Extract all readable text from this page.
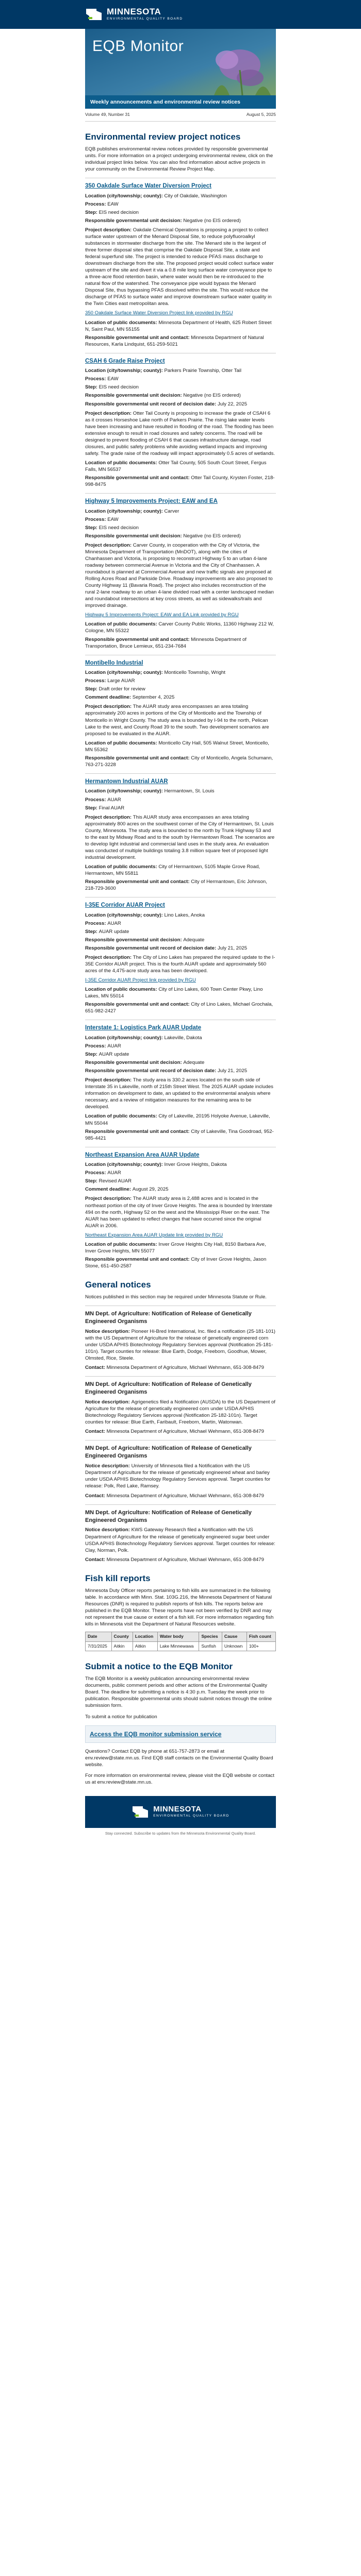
MINNESOTA
ENVIRONMENTAL QUALITY BOARD
EQB Monitor
Weekly announcements and environmental review notices
Volume 49, Number 31	August 5, 2025
Environmental review project notices

EQB publishes environmental review notices provided by responsible governmental units. For more information on a project undergoing environmental review, click on the individual project links below. You can also find information about active projects in your community on the Environmental Review Project Map.

350 Oakdale Surface Water Diversion Project
Location (city/township; county): City of Oakdale, Washington
Process: EAW
Step: EIS need decision
Responsible governmental unit decision: Negative (no EIS ordered)
Project description: Oakdale Chemical Operations is proposing a project to collect surface water upstream of the Menard Disposal Site, to reduce polyfluoroalkyl substances in stormwater discharge from the site. The Menard site is the largest of three former disposal sites that comprise the Oakdale Disposal Site, a state and federal superfund site. The project is intended to reduce PFAS mass discharge to downstream discharge from the site. The proposed project would collect surface water upstream of the site and divert it via a 0.8 mile long surface water conveyance pipe to a three-acre flood retention basin, where water would then be re-introduced to the natural flow of the watershed. The conveyance pipe would bypass the Menard Disposal Site, thus bypassing PFAS dissolved within the site. This would reduce the discharge of PFAS to surface water and improve downstream surface water quality in the Twin Cities east metropolitan area.
350 Oakdale Surface Water Diversion Project link provided by RGU
Location of public documents: Minnesota Department of Health, 625 Robert Street N, Saint Paul, MN 55155
Responsible governmental unit and contact: Minnesota Department of Natural Resources, Karla Lindquist, 651-259-5021
CSAH 6 Grade Raise Project
Location (city/township; county): Parkers Prairie Township, Otter Tail
Process: EAW
Step: EIS need decision
Responsible governmental unit decision: Negative (no EIS ordered)
Responsible governmental unit record of decision date: July 22, 2025
Project description: Otter Tail County is proposing to increase the grade of CSAH 6 as it crosses Horseshoe Lake north of Parkers Prairie. The rising lake water levels have been increasing and have resulted in flooding of the road. The flooding has been extensive enough to result in road closures and safety concerns. The road will be designed to prevent flooding of CSAH 6 that causes infrastructure damage, road closures, and public safety problems while avoiding wetland impacts and improving safety. The grade raise of the roadway will impact approximately 0.5 acres of wetlands.
Location of public documents: Otter Tail County, 505 South Court Street, Fergus Falls, MN 56537
Responsible governmental unit and contact: Otter Tail County, Krysten Foster, 218-998-8475
Highway 5 Improvements Project: EAW and EA
Location (city/township; county): Carver
Process: EAW
Step: EIS need decision
Responsible governmental unit decision: Negative (no EIS ordered)
Project description: Carver County, in cooperation with the City of Victoria, the Minnesota Department of Transportation (MnDOT), along with the cities of Chanhassen and Victoria, is proposing to reconstruct Highway 5 to an urban 4-lane roadway between commercial Avenue in Victoria and the City of Chanhassen. A roundabout is planned at Commercial Avenue and new traffic signals are proposed at Rolling Acres Road and Parkside Drive. Roadway improvements are also proposed to County Highway 11 (Bavaria Road). The project also includes reconstruction of the rural 2-lane roadway to an urban 4-lane divided road with a center landscaped median and roundabout intersections at key cross streets, as well as sidewalks/trails and improved drainage.
Highway 5 Improvements Project: EAW and EA Link provided by RGU
Location of public documents: Carver County Public Works, 11360 Highway 212 W, Cologne, MN 55322
Responsible governmental unit and contact: Minnesota Department of Transportation, Bruce Lemieux, 651-234-7684
Montibello Industrial
Location (city/township; county): Monticello Township, Wright
Process: Large AUAR
Step: Draft order for review
Comment deadline: September 4, 2025
Project description: The AUAR study area encompasses an area totaling approximately 200 acres in portions of the City of Monticello and the Township of Monticello in Wright County. The study area is bounded by I-94 to the north, Pelican Lake to the west, and County Road 39 to the south. Two development scenarios are proposed to be evaluated in the AUAR.
Location of public documents: Monticello City Hall, 505 Walnut Street, Monticello, MN 55362
Responsible governmental unit and contact: City of Monticello, Angela Schumann, 763-271-3228
Hermantown Industrial AUAR
Location (city/township; county): Hermantown, St. Louis
Process: AUAR
Step: Final AUAR
Project description: This AUAR study area encompasses an area totaling approximately 800 acres on the southwest corner of the City of Hermantown, St. Louis County, Minnesota. The study area is bounded to the north by Trunk Highway 53 and to the east by Midway Road and to the south by Hermantown Road. The scenarios are to develop light industrial and commercial land uses in the study area. An evaluation was conducted of multiple buildings totaling 3.8 million square feet of proposed light industrial development.
Location of public documents: City of Hermantown, 5105 Maple Grove Road, Hermantown, MN 55811
Responsible governmental unit and contact: City of Hermantown, Eric Johnson, 218-729-3600
I-35E Corridor AUAR Project
Location (city/township; county): Lino Lakes, Anoka
Process: AUAR
Step: AUAR update
Responsible governmental unit decision: Adequate
Responsible governmental unit record of decision date: July 21, 2025
Project description: The City of Lino Lakes has prepared the required update to the I-35E Corridor AUAR project. This is the fourth AUAR update and approximately 560 acres of the 4,475-acre study area has been developed.
I-35E Corridor AUAR Project link provided by RGU
Location of public documents: City of Lino Lakes, 600 Town Center Pkwy, Lino Lakes, MN 55014
Responsible governmental unit and contact: City of Lino Lakes, Michael Grochala, 651-982-2427
Interstate 1: Logistics Park AUAR Update
Location (city/township; county): Lakeville, Dakota
Process: AUAR
Step: AUAR update
Responsible governmental unit decision: Adequate
Responsible governmental unit record of decision date: July 21, 2025
Project description: The study area is 330.2 acres located on the south side of Interstate 35 in Lakeville, north of 215th Street West. The 2025 AUAR update includes information on development to date, an updated to the environmental analysis where necessary, and a review of mitigation measures for the remaining area to be developed.
Location of public documents: City of Lakeville, 20195 Holyoke Avenue, Lakeville, MN 55044
Responsible governmental unit and contact: City of Lakeville, Tina Goodroad, 952-985-4421
Northeast Expansion Area AUAR Update
Location (city/township; county): Inver Grove Heights, Dakota
Process: AUAR
Step: Revised AUAR
Comment deadline: August 29, 2025
Project description: The AUAR study area is 2,488 acres and is located in the northeast portion of the city of Inver Grove Heights. The area is bounded by Interstate 494 on the north, Highway 52 on the west and the Mississippi River on the east. The AUAR has been updated to reflect changes that have occurred since the original AUAR in 2006.
Northeast Expansion Area AUAR Update link provided by RGU
Location of public documents: Inver Grove Heights City Hall, 8150 Barbara Ave, Inver Grove Heights, MN 55077
Responsible governmental unit and contact: City of Inver Grove Heights, Jason Stone, 651-450-2587
General notices

Notices published in this section may be required under Minnesota Statute or Rule.

MN Dept. of Agriculture: Notification of Release of Genetically Engineered Organisms
Notice description: Pioneer Hi-Bred International, Inc. filed a notification (25-181-101) with the US Department of Agriculture for the release of genetically engineered corn under USDA APHIS Biotechnology Regulatory Services approval (Notification 25-181-101n). Target counties for release: Blue Earth, Dodge, Freeborn, Goodhue, Mower, Olmsted, Rice, Steele.
Contact: Minnesota Department of Agriculture, Michael Wehmann, 651-308-8479
MN Dept. of Agriculture: Notification of Release of Genetically Engineered Organisms
Notice description: Agrigenetics filed a Notification (AUSDA) to the US Department of Agriculture for the release of genetically engineered corn under USDA APHIS Biotechnology Regulatory Services approval (Notification 25-182-101n). Target counties for release: Blue Earth, Faribault, Freeborn, Martin, Watonwan.
Contact: Minnesota Department of Agriculture, Michael Wehmann, 651-308-8479
MN Dept. of Agriculture: Notification of Release of Genetically Engineered Organisms
Notice description: University of Minnesota filed a Notification with the US Department of Agriculture for the release of genetically engineered wheat and barley under USDA APHIS Biotechnology Regulatory Services approval. Target counties for release: Polk, Red Lake, Ramsey.
Contact: Minnesota Department of Agriculture, Michael Wehmann, 651-308-8479
MN Dept. of Agriculture: Notification of Release of Genetically Engineered Organisms
Notice description: KWS Gateway Research filed a Notification with the US Department of Agriculture for the release of genetically engineered sugar beet under USDA APHIS Biotechnology Regulatory Services approval. Target counties for release: Clay, Norman, Polk.
Contact: Minnesota Department of Agriculture, Michael Wehmann, 651-308-8479
Fish kill reports

Minnesota Duty Officer reports pertaining to fish kills are summarized in the following table. In accordance with Minn. Stat. 103G.216, the Minnesota Department of Natural Resources (DNR) is required to publish reports of fish kills. The reports below are published in the EQB Monitor. These reports have not been verified by DNR and may not represent the true cause or extent of a fish kill. For more information regarding fish kills in Minnesota visit the Department of Natural Resources website.

Date	County	Location	Water body	Species	Cause	Fish count
7/31/2025	Aitkin	Aitkin	Lake Minnewawa	Sunfish	Unknown	100+
Submit a notice to the EQB Monitor

The EQB Monitor is a weekly publication announcing environmental review documents, public comment periods and other actions of the Environmental Quality Board. The deadline for submitting a notice is 4:30 p.m. Tuesday the week prior to publication. Responsible governmental units should submit notices through the online submission form.

To submit a notice for publication

Access the EQB monitor submission service

Questions? Contact EQB by phone at 651-757-2873 or email at env.review@state.mn.us. Find EQB staff contacts on the Environmental Quality Board website.

For more information on environmental review, please visit the EQB website or contact us at env.review@state.mn.us.

MINNESOTA
ENVIRONMENTAL QUALITY BOARD
Stay connected. Subscribe to updates from the Minnesota Environmental Quality Board.
